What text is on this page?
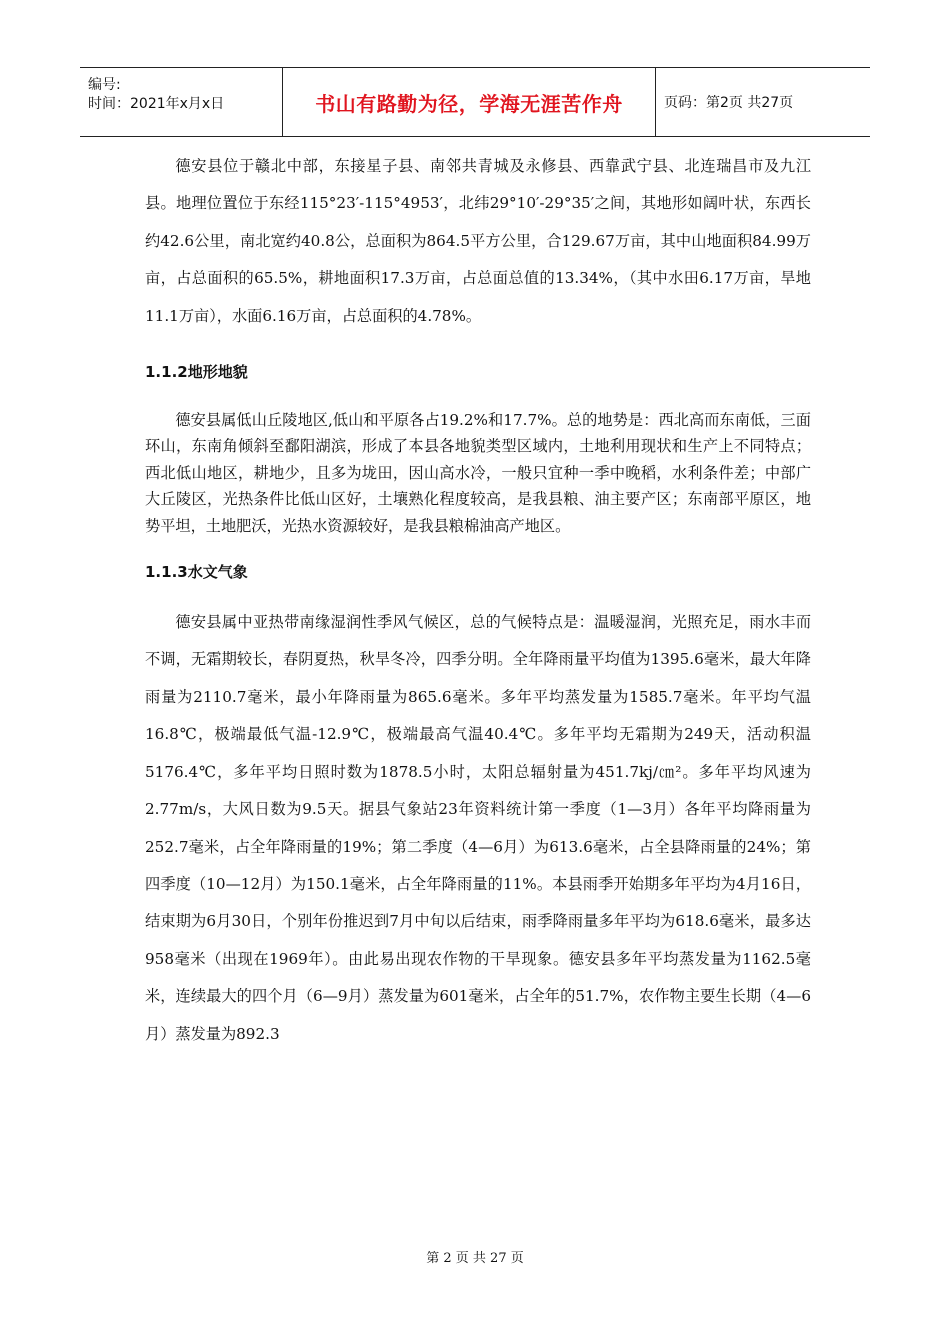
编号:
时间：2021年x月x日	书山有路勤为径，学海无涯苦作舟	页码：第2页 共27页

德安县位于赣北中部，东接星子县、南邻共青城及永修县、西靠武宁县、北连瑞昌市及九江县。地理位置位于东经115°23′-115°4953′，北纬29°10′-29°35′之间，其地形如阔叶状，东西长约42.6公里，南北宽约40.8公，总面积为864.5平方公里，合129.67万亩，其中山地面积84.99万亩，占总面积的65.5%，耕地面积17.3万亩，占总面总值的13.34%，（其中水田6.17万亩，旱地11.1万亩），水面6.16万亩，占总面积的4.78%。

1.1.2地形地貌

德安县属低山丘陵地区,低山和平原各占19.2%和17.7%。总的地势是：西北高而东南低，三面环山，东南角倾斜至鄱阳湖滨，形成了本县各地貌类型区域内，土地利用现状和生产上不同特点；西北低山地区，耕地少，且多为垅田，因山高水冷，一般只宜种一季中晚稻，水利条件差；中部广大丘陵区，光热条件比低山区好，土壤熟化程度较高，是我县粮、油主要产区；东南部平原区，地势平坦，土地肥沃，光热水资源较好，是我县粮棉油高产地区。

1.1.3水文气象

德安县属中亚热带南缘湿润性季风气候区，总的气候特点是：温暖湿润，光照充足，雨水丰而不调，无霜期较长，春阴夏热，秋旱冬冷，四季分明。全年降雨量平均值为1395.6毫米，最大年降雨量为2110.7毫米，最小年降雨量为865.6毫米。多年平均蒸发量为1585.7毫米。年平均气温16.8℃，极端最低气温-12.9℃，极端最高气温40.4℃。多年平均无霜期为249天，活动积温5176.4℃，多年平均日照时数为1878.5小时，太阳总辐射量为451.7kj/㎝²。多年平均风速为2.77m/s，大风日数为9.5天。据县气象站23年资料统计第一季度（1—3月）各年平均降雨量为252.7毫米，占全年降雨量的19%；第二季度（4—6月）为613.6毫米，占全县降雨量的24%；第四季度（10—12月）为150.1毫米，占全年降雨量的11%。本县雨季开始期多年平均为4月16日，结束期为6月30日，个别年份推迟到7月中旬以后结束，雨季降雨量多年平均为618.6毫米，最多达958毫米（出现在1969年）。由此易出现农作物的干旱现象。德安县多年平均蒸发量为1162.5毫米，连续最大的四个月（6—9月）蒸发量为601毫米，占全年的51.7%，农作物主要生长期（4—6月）蒸发量为892.3

第 2 页 共 27 页
